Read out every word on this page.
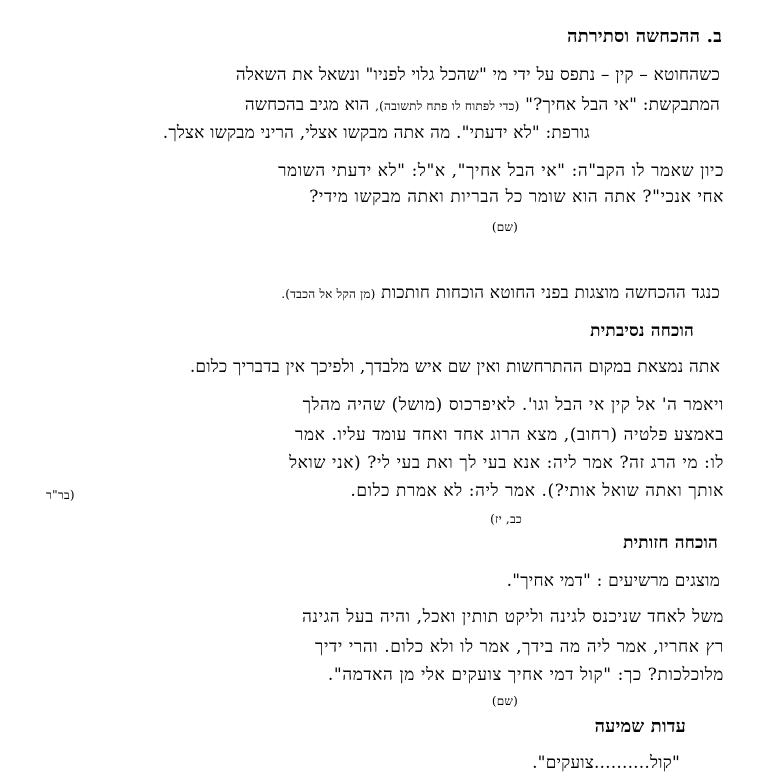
ב. ההכחשה וסתירתה
כשהחוטא – קין – נתפס על ידי מי "שהכל גלוי לפניו" ונשאל את השאלה
המתבקשת: "אי הבל אחיך?" (כדי לפתוח לו פתח לתשובה), הוא מגיב בהכחשה
גורפת: "לא ידעתי". מה אתה מבקשו אצלי, הריני מבקשו אצלך.
כיון שאמר לו הקב"ה: "אי הבל אחיך", א"ל: "לא ידעתי השומר
אחי אנכי"? אתה הוא שומר כל הבריות ואתה מבקשו מידי?
(שם)
כנגד ההכחשה מוצגות בפני החוטא הוכחות חותכות (מן הקל אל הכבד).
הוכחה נסיבתית
אתה נמצאת במקום ההתרחשות ואין שם איש מלבדך, ולפיכך אין בדבריך כלום.
ויאמר ה' אל קין אי הבל וגו'. לאיפרכוס (מושל) שהיה מהלך
באמצע פלטיה (רחוב), מצא הרוג אחד ואחד עומד עליו. אמר
לו: מי הרג זה? אמר ליה: אנא בעי לך ואת בעי לי? (אני שואל
אותך ואתה שואל אותי?). אמר ליה: לא אמרת כלום.
(בר"ר
כב, יז)
הוכחה חזותית
מוצגים מרשיעים : "דמי אחיך".
משל לאחד שניכנס לגינה וליקט תותין ואכל, והיה בעל הגינה
רץ אחריו, אמר ליה מה בידך, אמר לו ולא כלום. והרי ידיך
מלוכלכות? כך: "קול דמי אחיך צועקים אלי מן האדמה".
(שם)
עדות שמיעה
"קול..........צועקים".
